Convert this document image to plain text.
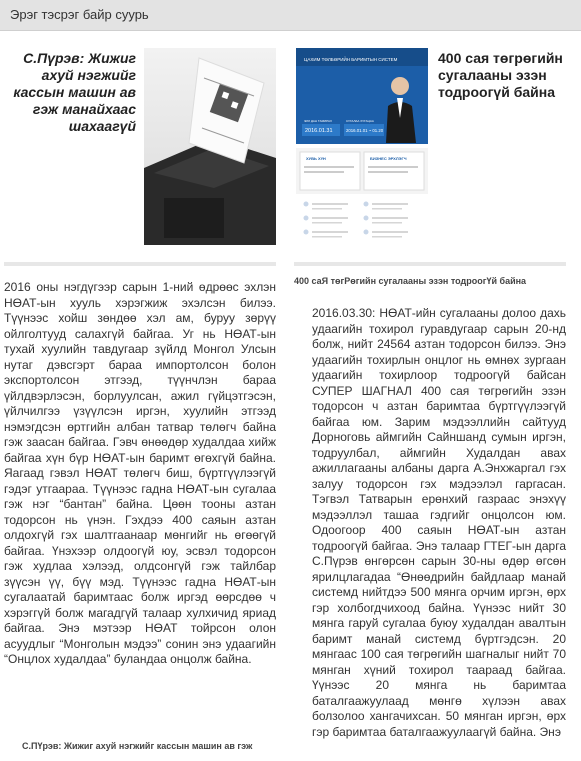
Эрэг тэсрэг байр суурь
С.Пүрэв: Жижиг ахуй нэгжийг кассын машин ав гэж манайхаас шахаагүй
2016 оны нэгдүгээр сарын 1-ний өдрөөс эхлэн НӨАТ-ын хууль хэрэгжиж эхэлсэн билээ. Түүнээс хойш зөндөө хэл ам, буруу зөрүү ойлголтууд салахгүй байгаа. Уг нь НӨАТ-ын тухай хуулийн тавдугаар зүйлд Монгол Улсын нутаг дэвсгэрт бараа импортолсон болон экспортолсон этгээд, түүнчлэн бараа үйлдвэрлэсэн, борлуулсан, ажил гүйцэтгэсэн, үйлчилгээ үзүүлсэн иргэн, хуулийн этгээд нэмэгдсэн өртгийн албан татвар төлөгч байна гэж заасан байгаа. Гэвч өнөөдөр худалдаа хийж байгаа хүн бүр НӨАТ-ын баримт өгөхгүй байна. Яагаад гэвэл НӨАТ төлөгч биш, бүртгүүлээгүй гэдэг утгаараа. Түүнээс гадна НӨАТ-ын сугалаа гэж нэг “бантан” байна. Цөөн тооны азтан тодорсон нь үнэн. Гэхдээ 400 саяын азтан олдохгүй гэх шалтгаанаар мөнгийг нь өгөөгүй байгаа. Үнэхээр олдоогүй юу, эсвэл тодорсон гэж худлаа хэлээд, олдсонгүй гэж тайлбар зүүсэн үү, бүү мэд. Түүнээс гадна НӨАТ-ын сугалаатай баримтаас болж иргэд өөрсдөө ч хэрэггүй болж магадгүй талаар хулхичид яриад байгаа. Энэ мэтээр НӨАТ тойрсон олон асуудлыг “Монголын мэдээ” сонин энэ удаагийн “Онцлох худалдаа” буландаа онцолж байна.
ЦАХИМ ТӨЛБӨРИЙН БАРИМТЫН СИСТЕМ
ЭЛЛ ДАН ТАМИРАХ
2016.01.31
СУГАЛАА ХУГАЦАА
2016.01.01 ~ 01.20
ХУВЬ ХҮН	БИЗНЕС ЭРХЛЭГЧ
400 сая төгрөгийн сугалааны эзэн тодроогүй байна
400 саЯ төгРөгийн сугалааны эзэн тодроогҮй байна
2016.03.30: НӨАТ-ийн сугалааны долоо дахь удаагийн тохирол гуравдугаар сарын 20-нд болж, нийт 24564 азтан тодорсон билээ. Энэ удаагийн тохирлын онцлог нь өмнөх зургаан удаагийн тохирлоор тодроогүй байсан СУПЕР ШАГНАЛ 400 сая төгрөгийн эзэн тодорсон ч азтан баримтаа бүртгүүлээгүй байгаа юм. Зарим мэдээллийн сайтууд Дорноговь аймгийн Сайншанд сумын иргэн, тодруулбал, аймгийн Худалдан авах ажиллагааны албаны дарга А.Энхжаргал гэх залуу тодорсон гэх мэдээлэл гаргасан. Тэгвэл Татварын ерөнхий газраас энэхүү мэдээллэл ташаа гэдгийг онцолсон юм. Одоогоор 400 саяын НӨАТ-ын азтан тодроогүй байгаа. Энэ талаар ГТЕГ-ын дарга С.Пүрэв өнгөрсөн сарын 30-ны өдөр өгсөн ярилцлагадаа “Өнөөдрийн байдлаар манай системд нийтдээ 500 мянга орчим иргэн, өрх гэр холбогдчихоод байна. Үүнээс нийт 30 мянга гаруй сугалаа буюу худалдан авалтын баримт манай системд бүртгэдсэн. 20 мянгаас 100 сая төгрөгийн шагналыг нийт 70 мянган хүний тохирол таараад байгаа. Үүнээс 20 мянга нь баримтаа баталгаажуулаад мөнгө хүлээн авах болзолоо хангачихсан. 50 мянган иргэн, өрх гэр баримтаа баталгаажуулаагүй байна. Энэ
С.ПҮрэв: Жижиг ахуй нэгжийг кассын машин ав гэж
